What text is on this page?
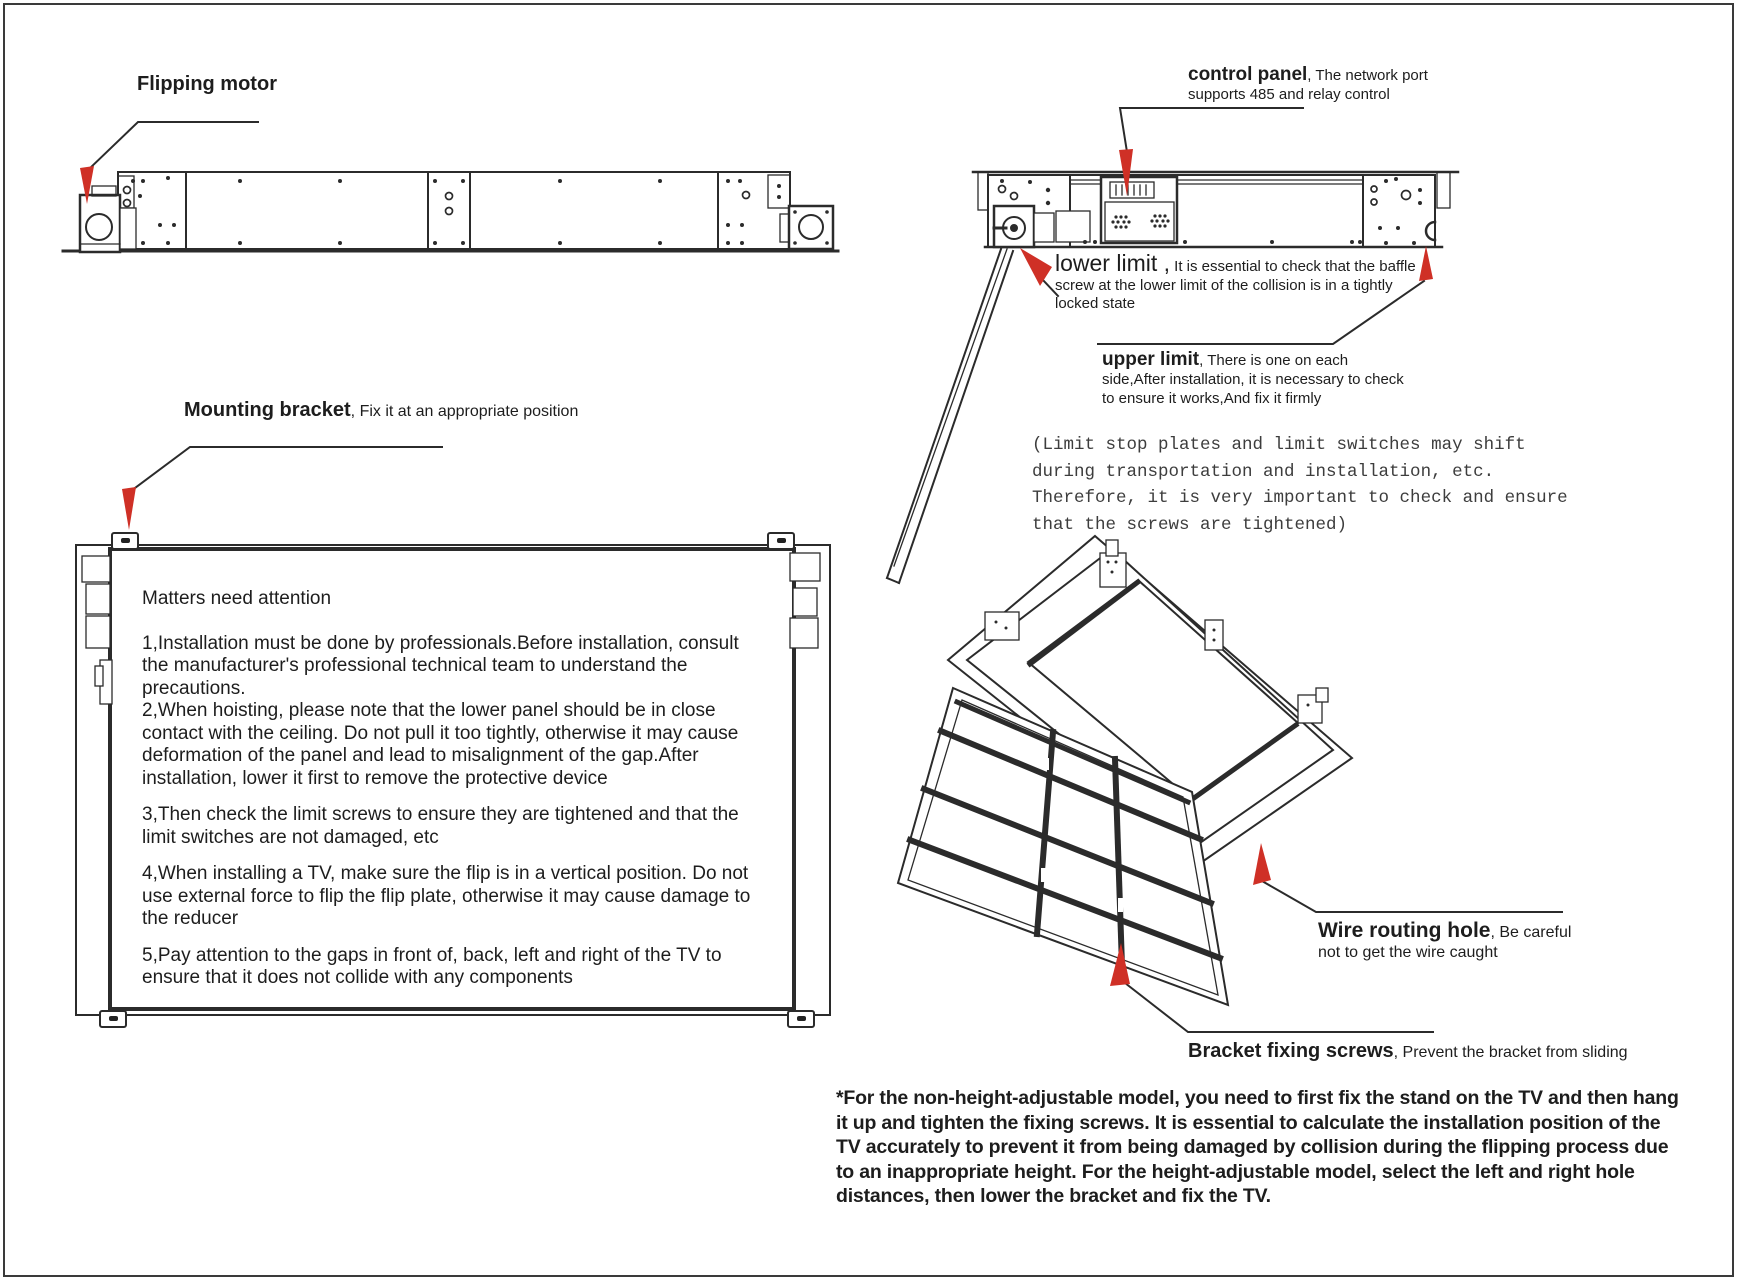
Flipping motor	control panel, The network port supports 485 and relay control
lower limit , It is essential to check that the baffle screw at the lower limit of the collision is in a tightly locked state
upper limit, There is one on each side,After installation, it is necessary to check to ensure it works,And fix it firmly
(Limit stop plates and limit switches may shift during transportation and installation, etc. Therefore, it is very important to check and ensure that the screws are tightened)
Mounting bracket, Fix it at an appropriate position

Matters need attention

1,Installation must be done by professionals.Before installation, consult the manufacturer's professional technical team to understand the precautions.

2,When hoisting, please note that the lower panel should be in close contact with the ceiling. Do not pull it too tightly, otherwise it may cause deformation of the panel and lead to misalignment of the gap.After installation, lower it first to remove the protective device

3,Then check the limit screws to ensure they are tightened and that the limit switches are not damaged, etc

4,When installing a TV, make sure the flip is in a vertical position. Do not use external force to flip the flip plate, otherwise it may cause damage to the reducer

5,Pay attention to the gaps in front of, back, left and right of the TV to ensure that it does not collide with any components

Wire routing hole, Be careful not to get the wire caught
Bracket fixing screws, Prevent the bracket from sliding
*For the non-height-adjustable model, you need to first fix the stand on the TV and then hang it up and tighten the fixing screws. It is essential to calculate the installation position of the TV accurately to prevent it from being damaged by collision during the flipping process due to an inappropriate height. For the height-adjustable model, select the left and right hole distances, then lower the bracket and fix the TV.
